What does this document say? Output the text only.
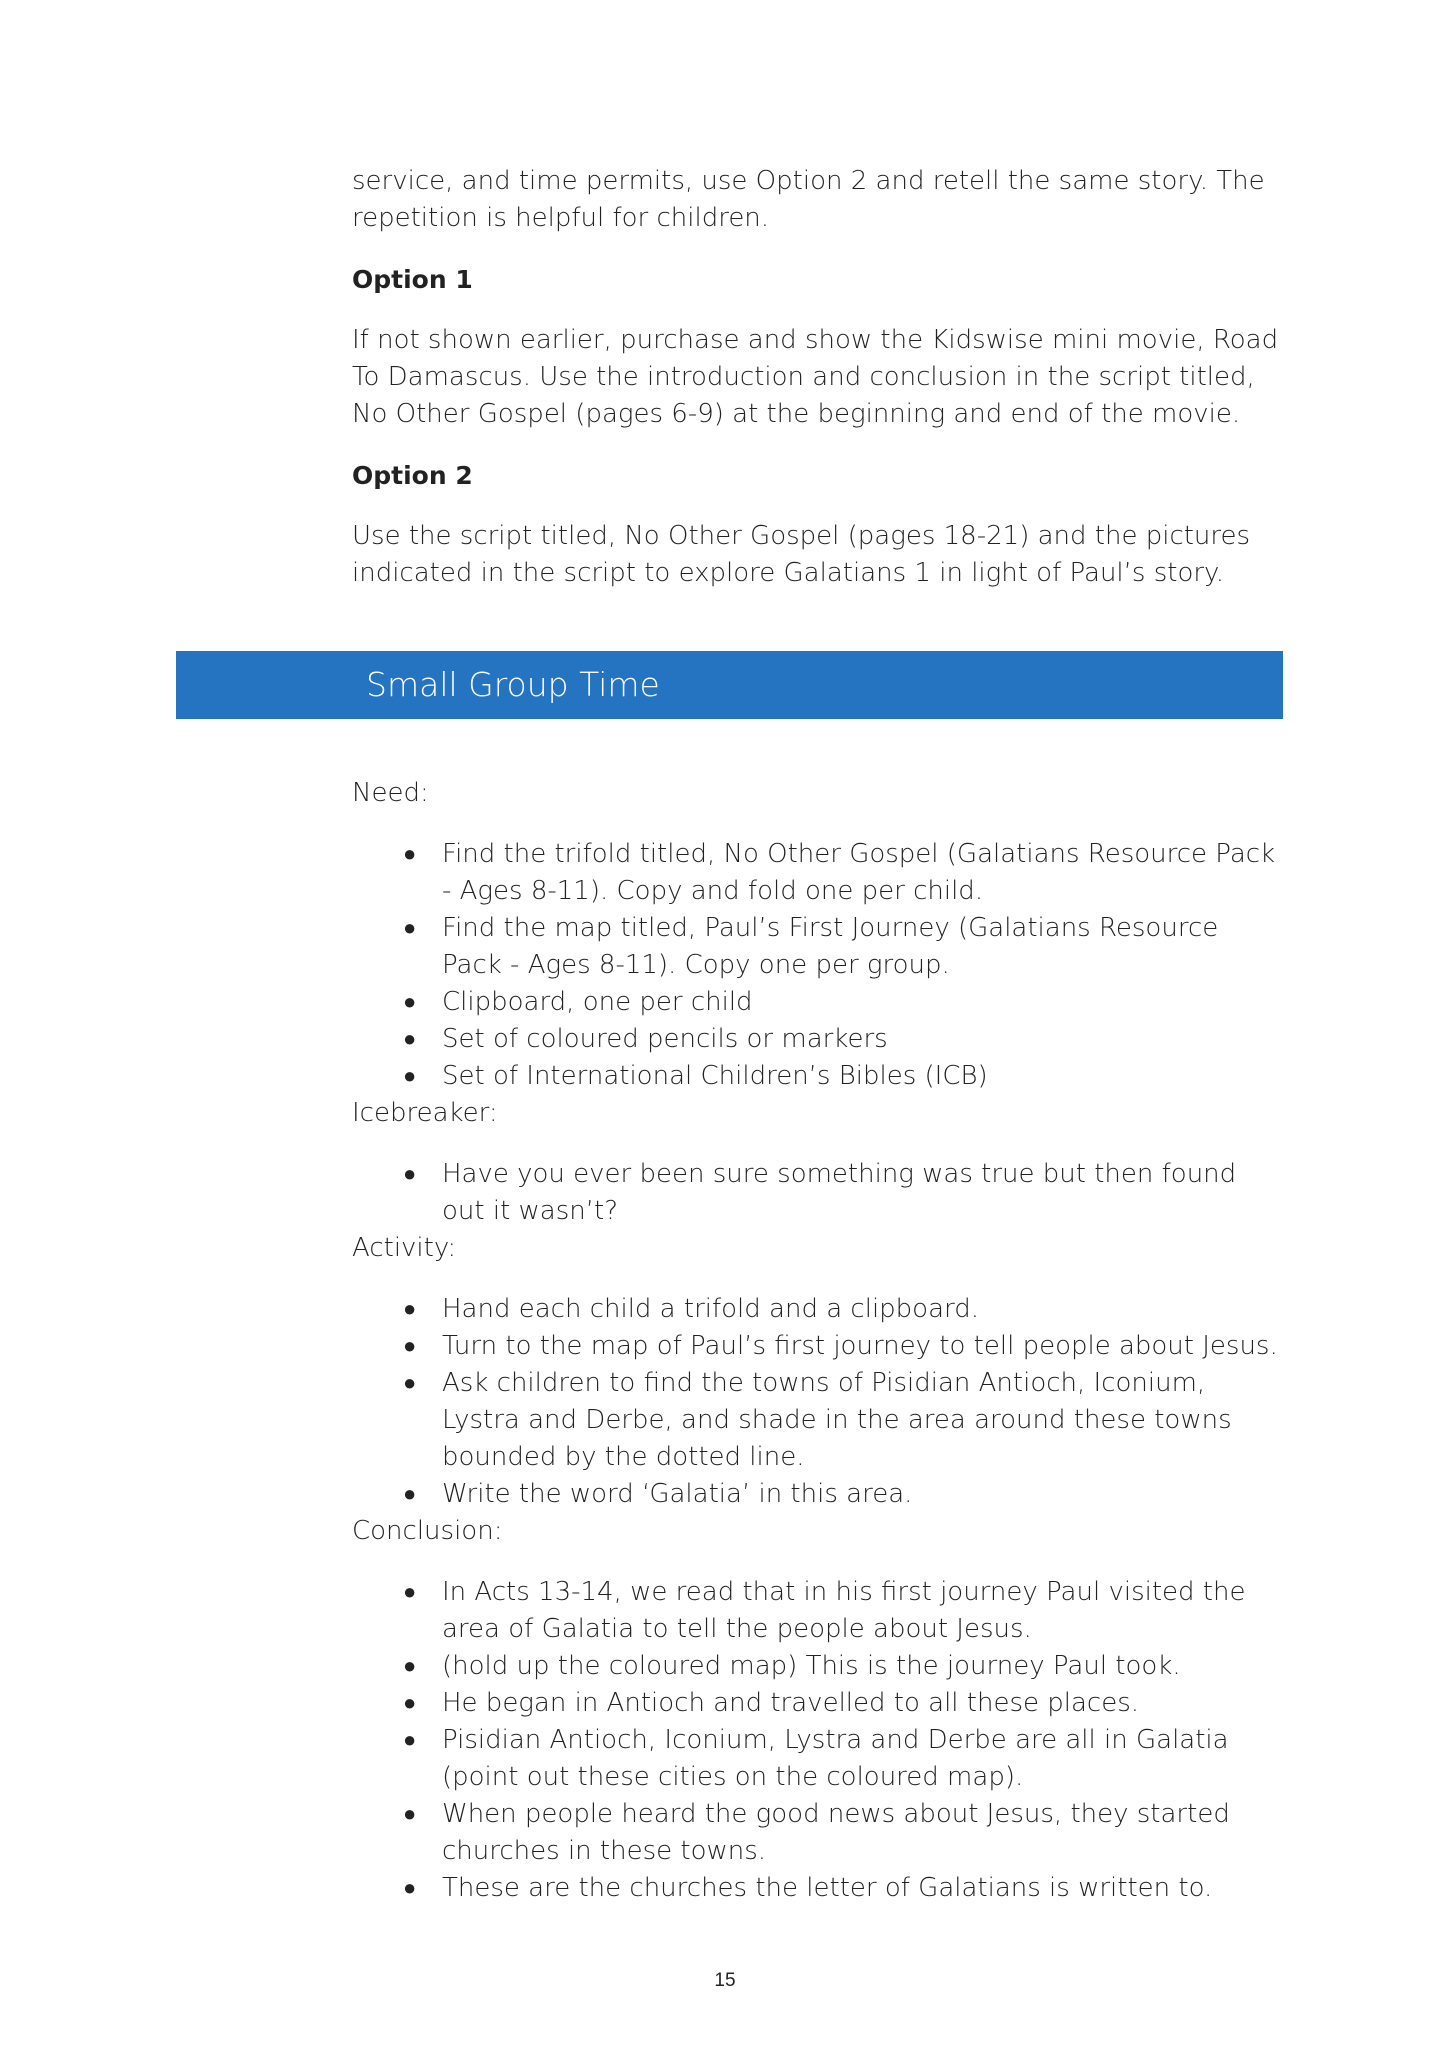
service, and time permits, use Option 2 and retell the same story. The repetition is helpful for children.

Option 1

If not shown earlier, purchase and show the Kidswise mini movie, Road To Damascus. Use the introduction and conclusion in the script titled, No Other Gospel (pages 6-9) at the beginning and end of the movie.

Option 2

Use the script titled, No Other Gospel (pages 18-21) and the pictures indicated in the script to explore Galatians 1 in light of Paul’s story.

Small Group Time

Need:

● Find the trifold titled, No Other Gospel (Galatians Resource Pack - Ages 8-11). Copy and fold one per child.
● Find the map titled, Paul’s First Journey (Galatians Resource Pack - Ages 8-11). Copy one per group.
● Clipboard, one per child
● Set of coloured pencils or markers
● Set of International Children’s Bibles (ICB)

Icebreaker:

● Have you ever been sure something was true but then found out it wasn’t?

Activity:

● Hand each child a trifold and a clipboard.
● Turn to the map of Paul’s first journey to tell people about Jesus.
● Ask children to find the towns of Pisidian Antioch, Iconium, Lystra and Derbe, and shade in the area around these towns bounded by the dotted line.
● Write the word ‘Galatia’ in this area.

Conclusion:

● In Acts 13-14, we read that in his first journey Paul visited the area of Galatia to tell the people about Jesus.
● (hold up the coloured map) This is the journey Paul took.
● He began in Antioch and travelled to all these places.
● Pisidian Antioch, Iconium, Lystra and Derbe are all in Galatia (point out these cities on the coloured map).
● When people heard the good news about Jesus, they started churches in these towns.
● These are the churches the letter of Galatians is written to.
15
